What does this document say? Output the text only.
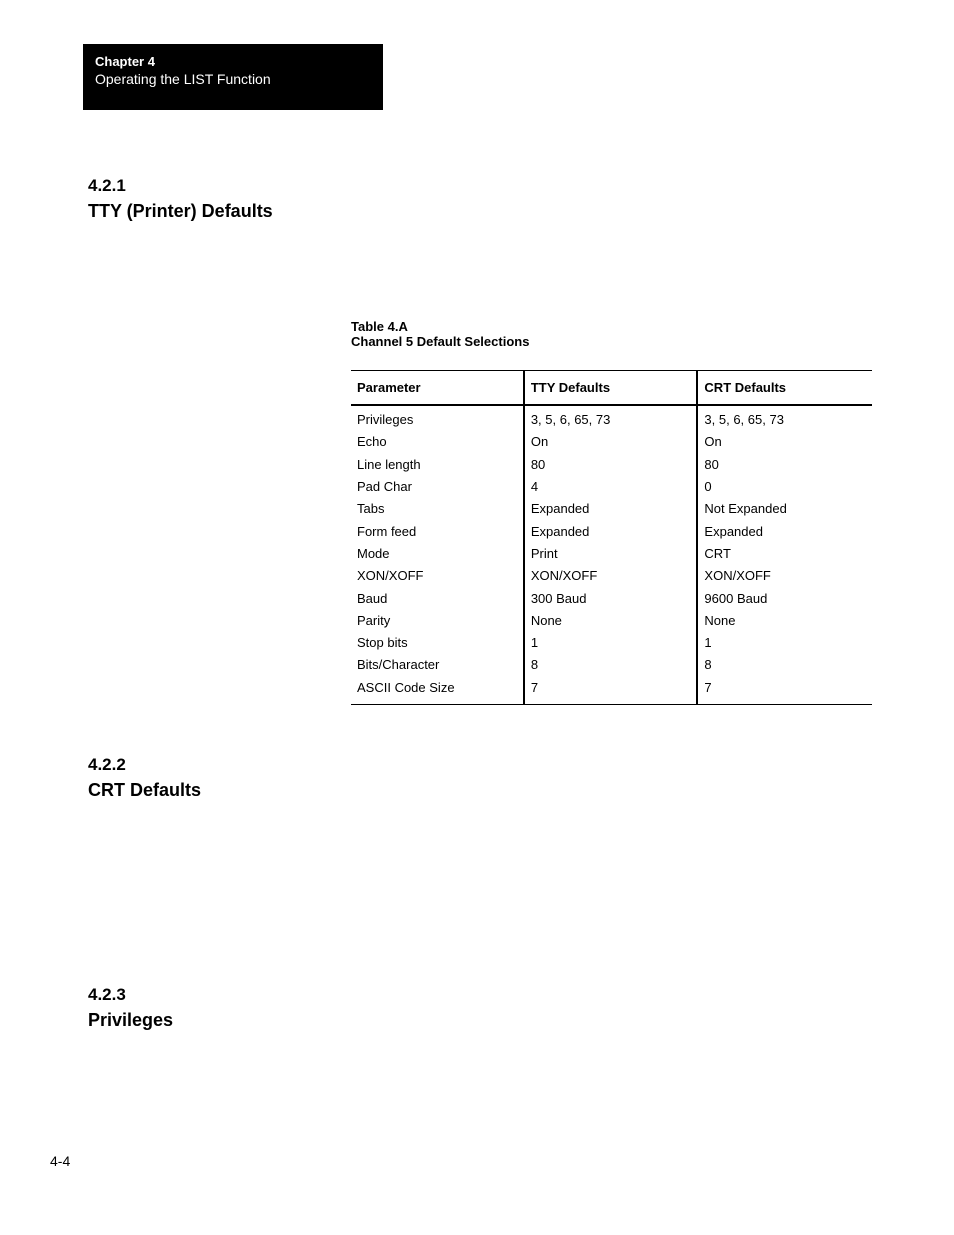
Chapter 4
Operating the LIST Function
4.2.1
TTY (Printer) Defaults
Table 4.A
Channel 5 Default Selections
Parameter	TTY Defaults	CRT Defaults
Privileges	3, 5, 6, 65, 73	3, 5, 6, 65, 73
Echo	On	On
Line length	80	80
Pad Char	4	0
Tabs	Expanded	Not Expanded
Form feed	Expanded	Expanded
Mode	Print	CRT
XON/XOFF	XON/XOFF	XON/XOFF
Baud	300 Baud	9600 Baud
Parity	None	None
Stop bits	1	1
Bits/Character	8	8
ASCII Code Size	7	7
4.2.2
CRT Defaults
4.2.3
Privileges
4-4
